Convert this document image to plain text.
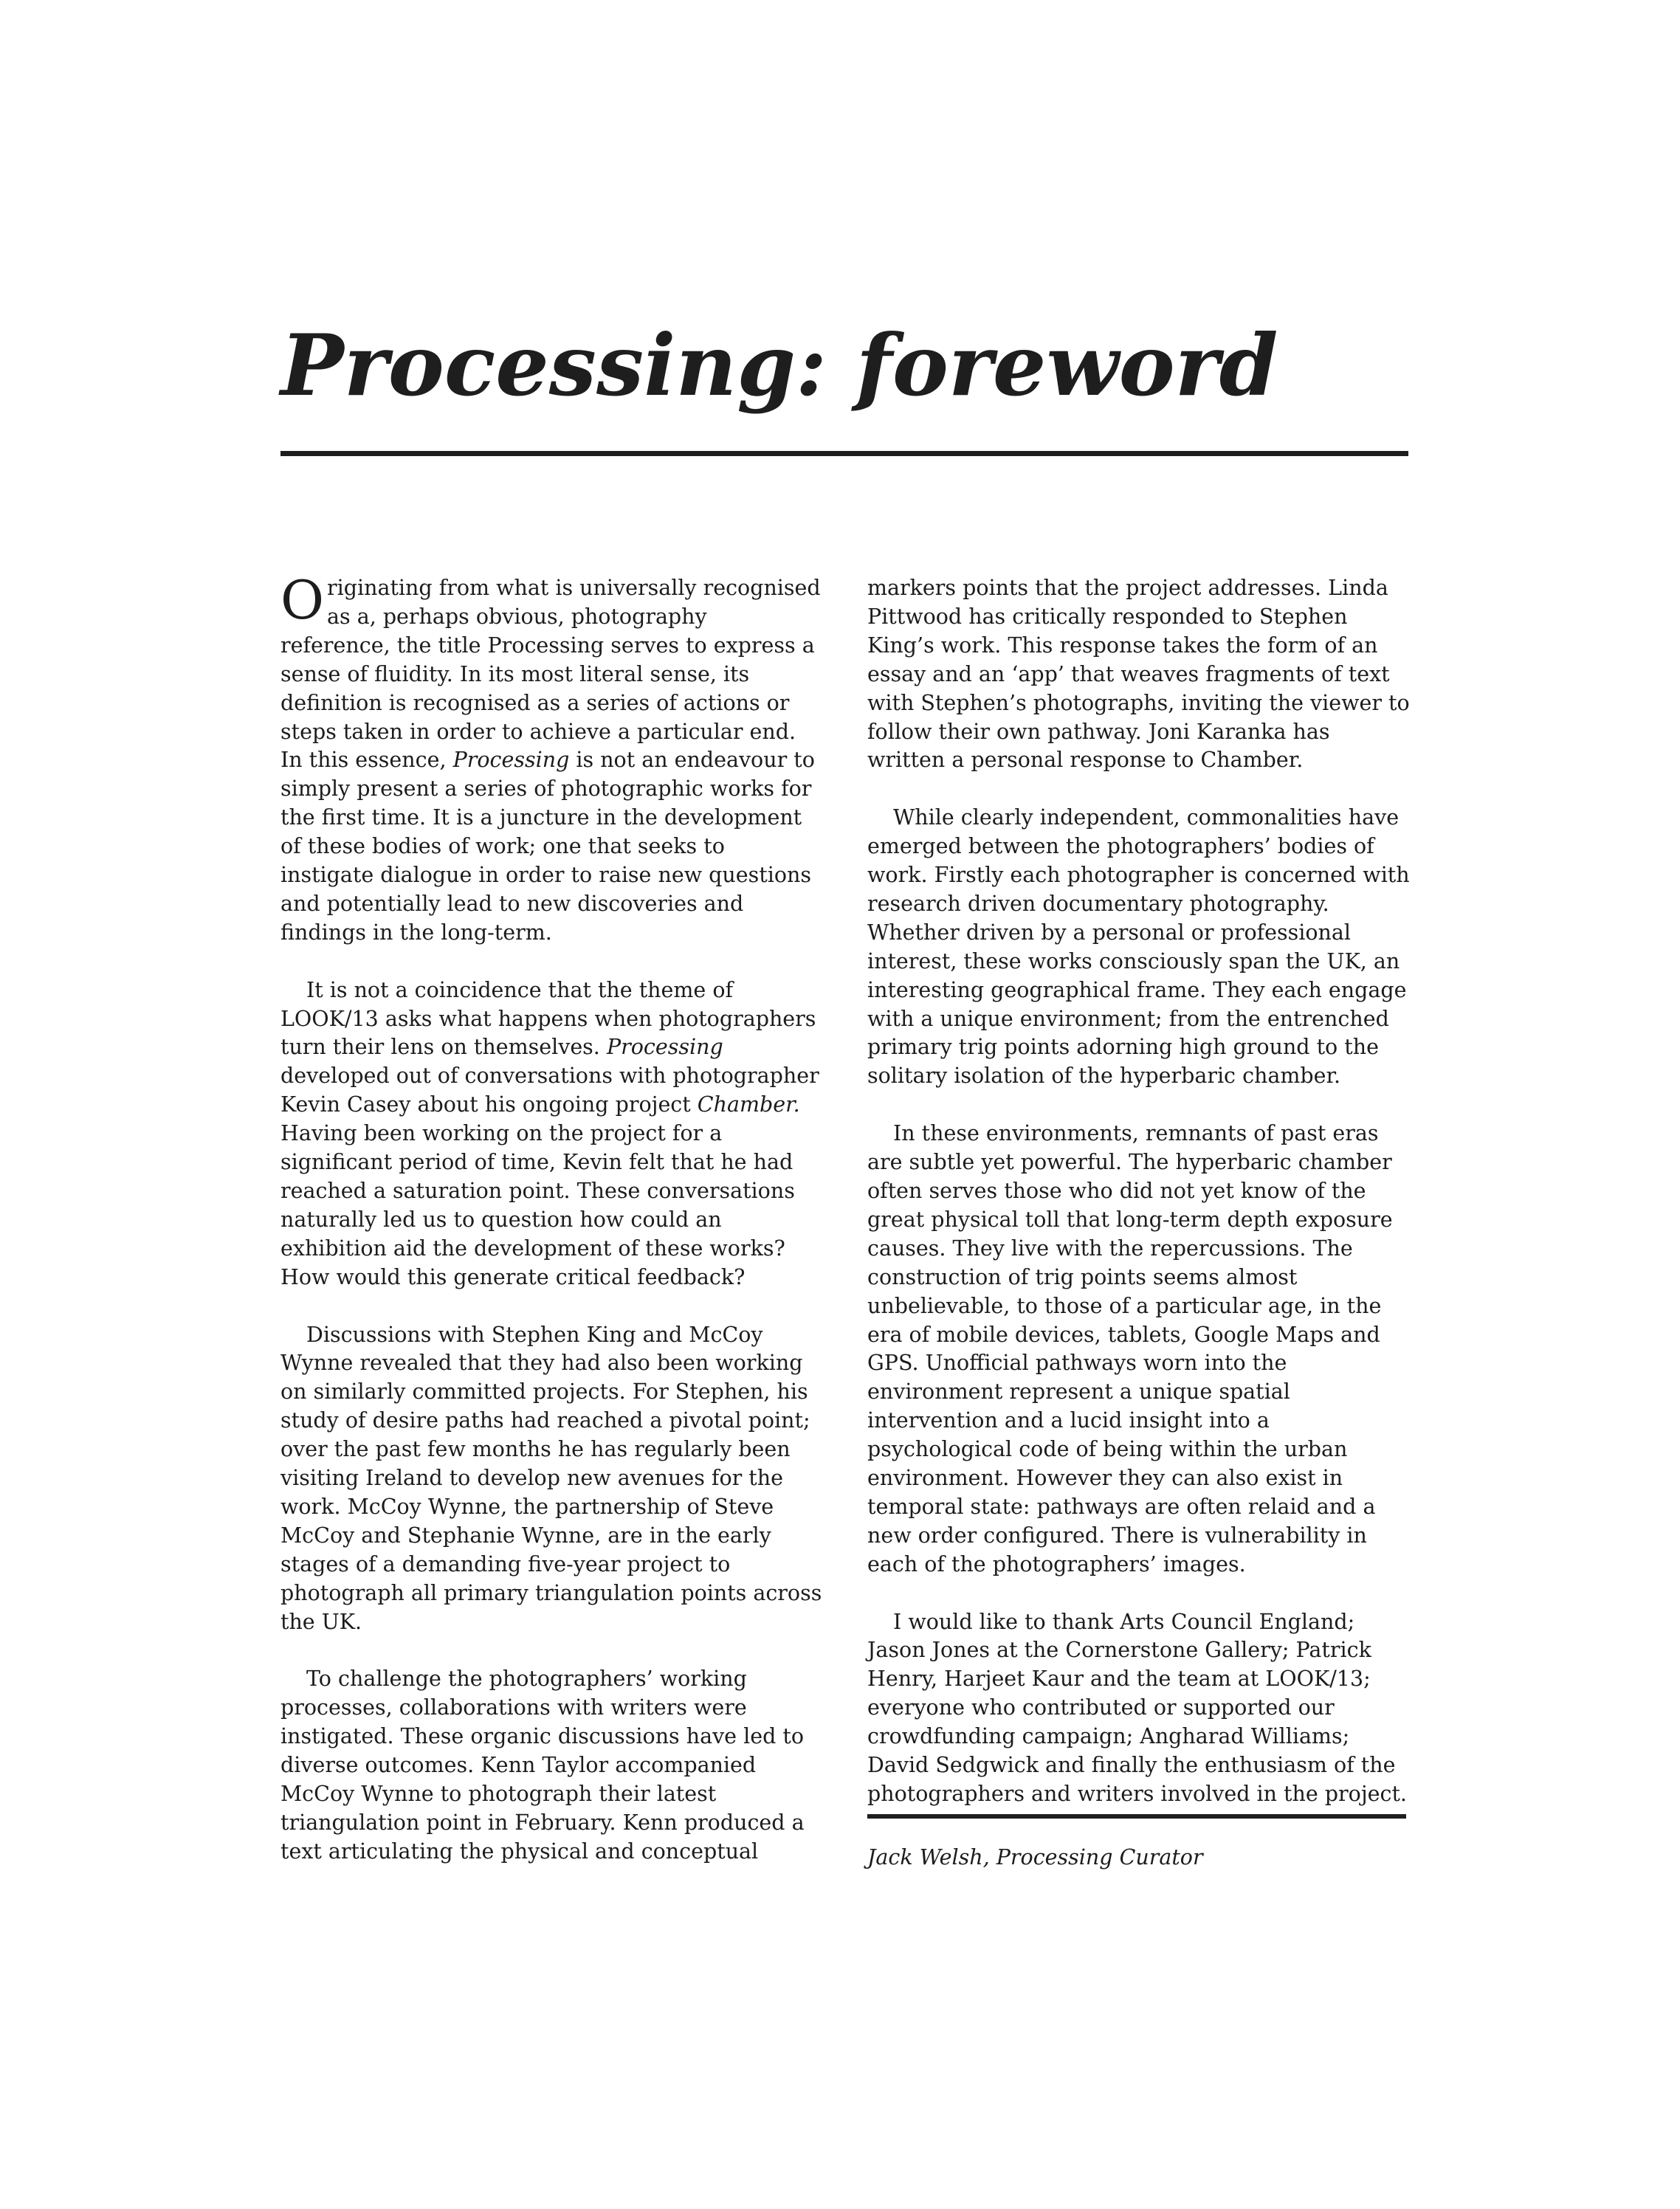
Processing: foreword

Originating from what is universally recognised as a, perhaps obvious, photography reference, the title Processing serves to express a sense of fluidity. In its most literal sense, its definition is recognised as a series of actions or steps taken in order to achieve a particular end. In this essence, Processing is not an endeavour to simply present a series of photographic works for the first time. It is a juncture in the development of these bodies of work; one that seeks to instigate dialogue in order to raise new questions and potentially lead to new discoveries and findings in the long-term.

It is not a coincidence that the theme of LOOK/13 asks what happens when photographers turn their lens on themselves. Processing developed out of conversations with photographer Kevin Casey about his ongoing project Chamber. Having been working on the project for a significant period of time, Kevin felt that he had reached a saturation point. These conversations naturally led us to question how could an exhibition aid the development of these works? How would this generate critical feedback?

Discussions with Stephen King and McCoy Wynne revealed that they had also been working on similarly committed projects. For Stephen, his study of desire paths had reached a pivotal point; over the past few months he has regularly been visiting Ireland to develop new avenues for the work. McCoy Wynne, the partnership of Steve McCoy and Stephanie Wynne, are in the early stages of a demanding five-year project to photograph all primary triangulation points across the UK.

To challenge the photographers’ working processes, collaborations with writers were instigated. These organic discussions have led to diverse outcomes. Kenn Taylor accompanied McCoy Wynne to photograph their latest triangulation point in February. Kenn produced a text articulating the physical and conceptual

markers points that the project addresses. Linda Pittwood has critically responded to Stephen King’s work. This response takes the form of an essay and an ‘app’ that weaves fragments of text with Stephen’s photographs, inviting the viewer to follow their own pathway. Joni Karanka has written a personal response to Chamber.

While clearly independent, commonalities have emerged between the photographers’ bodies of work. Firstly each photographer is concerned with research driven documentary photography. Whether driven by a personal or professional interest, these works consciously span the UK, an interesting geographical frame. They each engage with a unique environment; from the entrenched primary trig points adorning high ground to the solitary isolation of the hyperbaric chamber.

In these environments, remnants of past eras are subtle yet powerful. The hyperbaric chamber often serves those who did not yet know of the great physical toll that long-term depth exposure causes. They live with the repercussions. The construction of trig points seems almost unbelievable, to those of a particular age, in the era of mobile devices, tablets, Google Maps and GPS. Unofficial pathways worn into the environment represent a unique spatial intervention and a lucid insight into a psychological code of being within the urban environment. However they can also exist in temporal state: pathways are often relaid and a new order configured. There is vulnerability in each of the photographers’ images.

I would like to thank Arts Council England; Jason Jones at the Cornerstone Gallery; Patrick Henry, Harjeet Kaur and the team at LOOK/13; everyone who contributed or supported our crowdfunding campaign; Angharad Williams; David Sedgwick and finally the enthusiasm of the photographers and writers involved in the project.

Jack Welsh, Processing Curator
